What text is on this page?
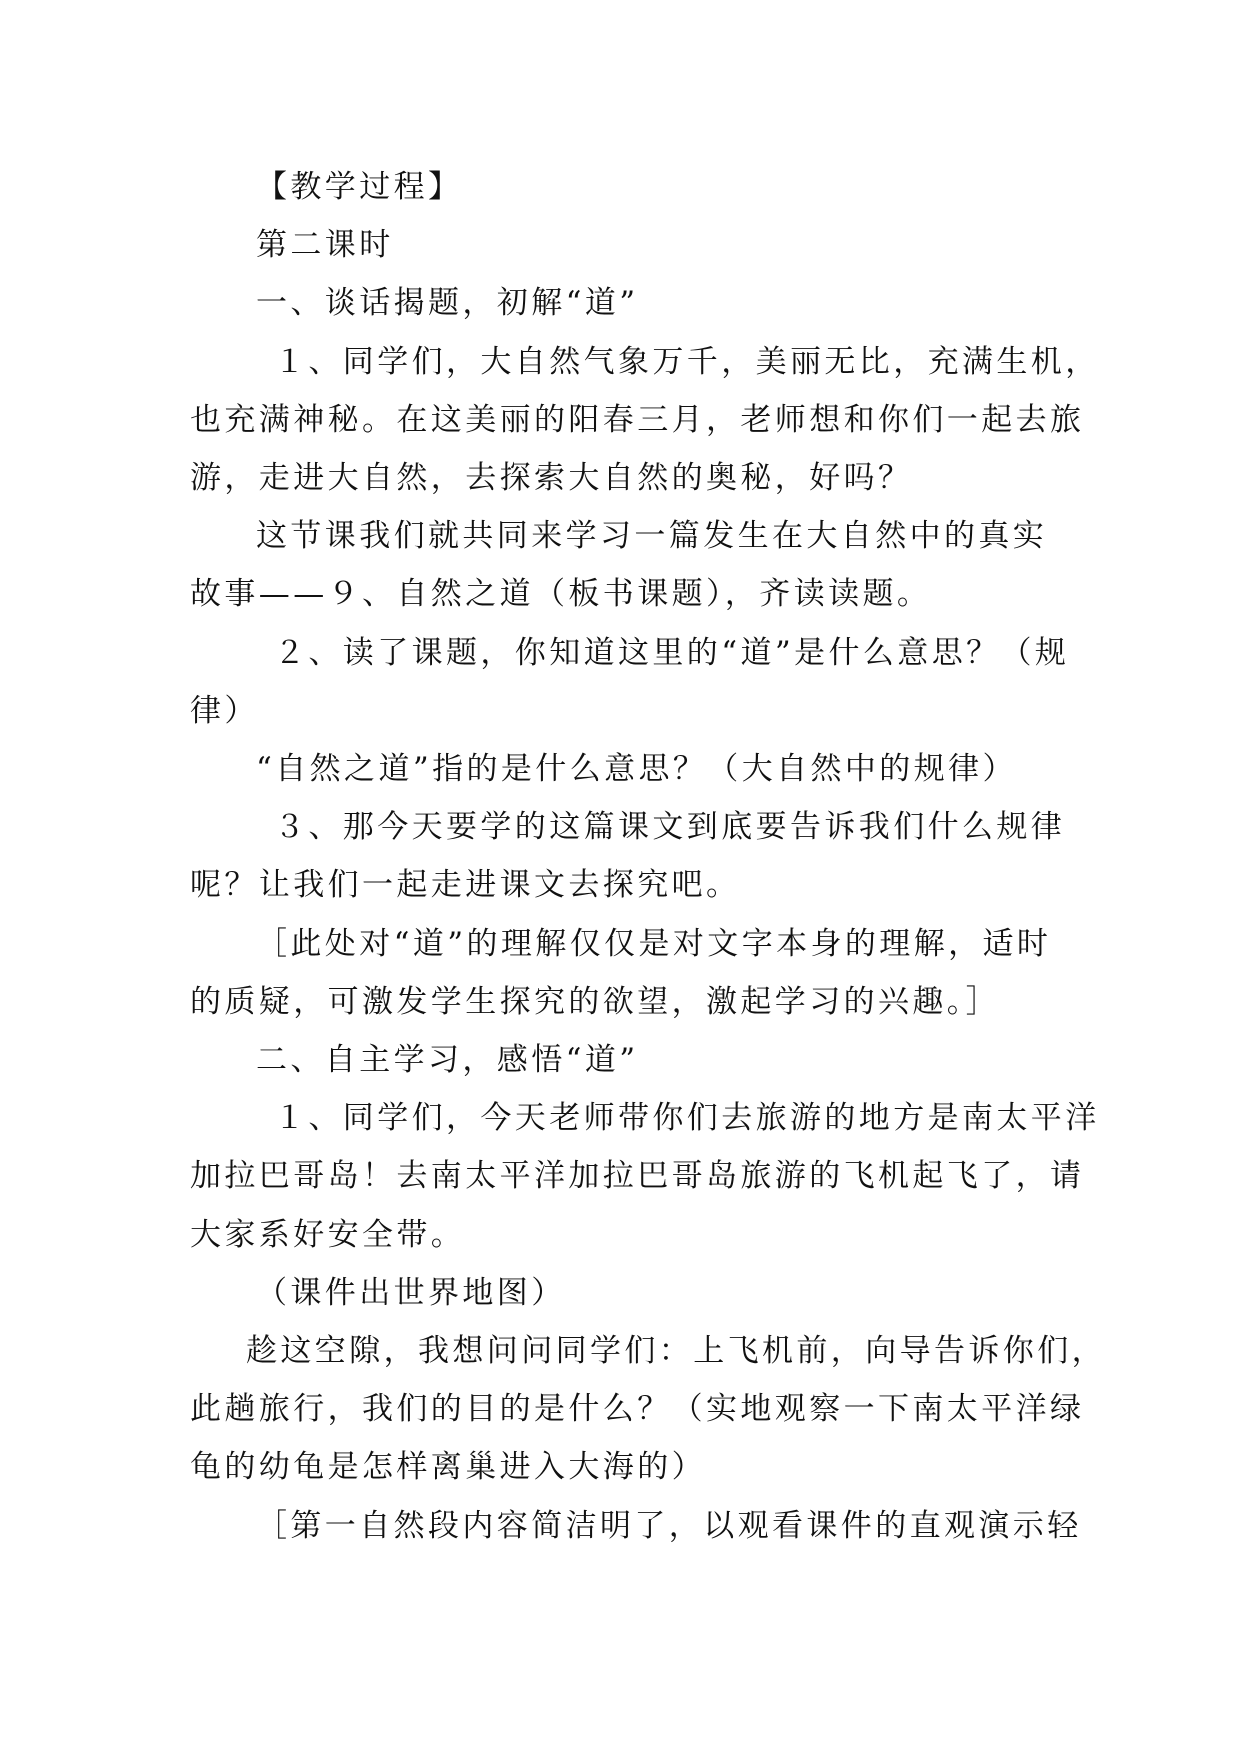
【教学过程】

第二课时

一、谈话揭题，初解“道”

１、同学们，大自然气象万千，美丽无比，充满生机，

也充满神秘。在这美丽的阳春三月，老师想和你们一起去旅

游，走进大自然，去探索大自然的奥秘，好吗？

这节课我们就共同来学习一篇发生在大自然中的真实

故事——９、自然之道（板书课题），齐读读题。

２、读了课题，你知道这里的“道”是什么意思？（规

律）

“自然之道”指的是什么意思？（大自然中的规律）

３、那今天要学的这篇课文到底要告诉我们什么规律

呢？让我们一起走进课文去探究吧。

［此处对“道”的理解仅仅是对文字本身的理解，适时

的质疑，可激发学生探究的欲望，激起学习的兴趣。］

二、自主学习，感悟“道”

１、同学们，今天老师带你们去旅游的地方是南太平洋

加拉巴哥岛！去南太平洋加拉巴哥岛旅游的飞机起飞了，请

大家系好安全带。

（课件出世界地图）

趁这空隙，我想问问同学们：上飞机前，向导告诉你们，

此趟旅行，我们的目的是什么？（实地观察一下南太平洋绿

龟的幼龟是怎样离巢进入大海的）

［第一自然段内容简洁明了，以观看课件的直观演示轻
